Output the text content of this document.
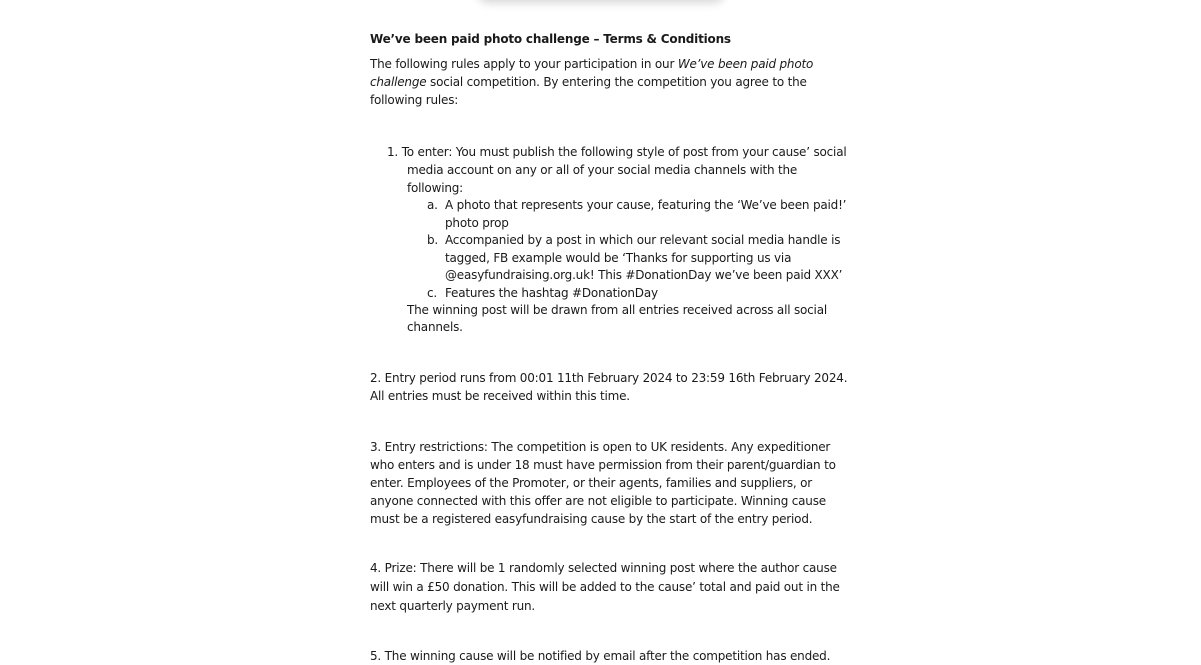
We’ve been paid photo challenge – Terms & Conditions

The following rules apply to your participation in our We’ve been paid photo challenge social competition. By entering the competition you agree to the following rules:

1. To enter: You must publish the following style of post from your cause’ social media account on any or all of your social media channels with the following:
a. A photo that represents your cause, featuring the ‘We’ve been paid!’ photo prop
b. Accompanied by a post in which our relevant social media handle is tagged, FB example would be ‘Thanks for supporting us via @easyfundraising.org.uk! This #DonationDay we’ve been paid XXX’
c. Features the hashtag #DonationDay
The winning post will be drawn from all entries received across all social channels.

2. Entry period runs from 00:01 11th February 2024 to 23:59 16th February 2024. All entries must be received within this time.

3. Entry restrictions: The competition is open to UK residents. Any expeditioner who enters and is under 18 must have permission from their parent/guardian to enter. Employees of the Promoter, or their agents, families and suppliers, or anyone connected with this offer are not eligible to participate. Winning cause must be a registered easyfundraising cause by the start of the entry period.

4. Prize: There will be 1 randomly selected winning post where the author cause will win a £50 donation. This will be added to the cause’ total and paid out in the next quarterly payment run.

5. The winning cause will be notified by email after the competition has ended.
